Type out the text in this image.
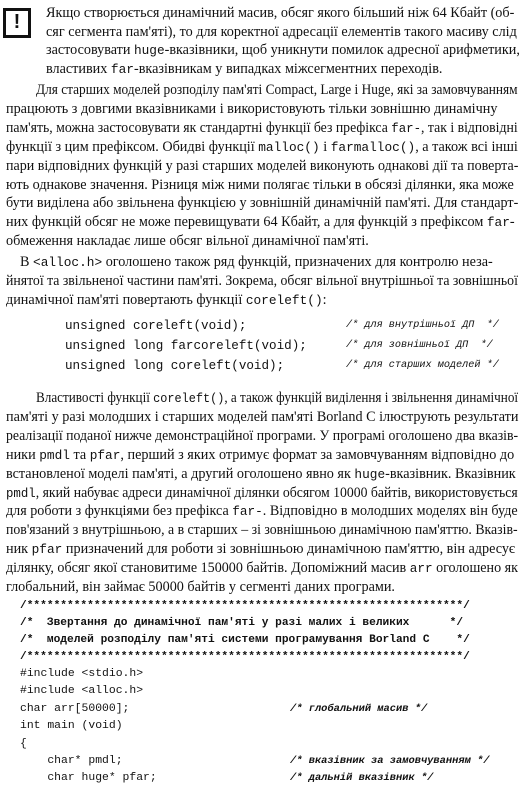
!	Якщо створюється динамічний масив, обсяг якого більший ніж 64 Кбайт (об-
сяг сегмента пам'яті), то для коректної адресації елементів такого масиву слід
застосовувати huge-вказівники, щоб уникнути помилок адресної арифметики,
властивих far-вказівникам у випадках міжсегментних переходів.
Для старших моделей розподілу пам'яті Compact, Large і Huge, які за замовчуванням
працюють з довгими вказівниками і використовують тільки зовнішню динамічну
пам'ять, можна застосовувати як стандартні функції без префікса far-, так і відповідні
функції з цим префіксом. Обидві функції malloc() і farmalloc(), а також всі інші
пари відповідних функцій у разі старших моделей виконують однакові дії та поверта-
ють однакове значення. Різниця між ними полягає тільки в обсязі ділянки, яка може
бути виділена або звільнена функцією у зовнішній динамічній пам'яті. Для стандарт-
них функцій обсяг не може перевищувати 64 Кбайт, а для функцій з префіксом far-
обмеження накладає лише обсяг вільної динамічної пам'яті.
В <alloc.h> оголошено також ряд функцій, призначених для контролю неза-
йнятої та звільненої частини пам'яті. Зокрема, обсяг вільної внутрішньої та зовнішньої
динамічної пам'яті повертають функції coreleft():
unsigned coreleft(void);	/* для внутрішньої ДП  */
unsigned long farcoreleft(void);	/* для зовнішньої ДП  */
unsigned long coreleft(void);	/* для старших моделей */
Властивості функції coreleft(), а також функцій виділення і звільнення динамічної
пам'яті у разі молодших і старших моделей пам'яті Borland C ілюструють результати
реалізації поданої нижче демонстраційної програми. У програмі оголошено два вказів-
ники pmdl та pfar, перший з яких отримує формат за замовчуванням відповідно до
встановленої моделі пам'яті, а другий оголошено явно як huge-вказівник. Вказівник
pmdl, який набуває адреси динамічної ділянки обсягом 10000 байтів, використовується
для роботи з функціями без префікса far-. Відповідно в молодших моделях він буде
пов'язаний з внутрішньою, а в старших – зі зовнішньою динамічною пам'яттю. Вказів-
ник pfar призначений для роботи зі зовнішньою динамічною пам'яттю, він адресує
ділянку, обсяг якої становитиме 150000 байтів. Допоміжний масив arr оголошено як
глобальний, він займає 50000 байтів у сегменті даних програми.
/*****************************************************************/
/*  Звертання до динамічної пам'яті у разі малих і великих      */
/*  моделей розподілу пам'яті системи програмування Borland C    */
/*****************************************************************/
#include <stdio.h>
#include <alloc.h>
char arr[50000];	/* глобальний масив */
int main (void)
{
char* pmdl;	/* вказівник за замовчуванням */
char huge* pfar;	/* дальній вказівник */
